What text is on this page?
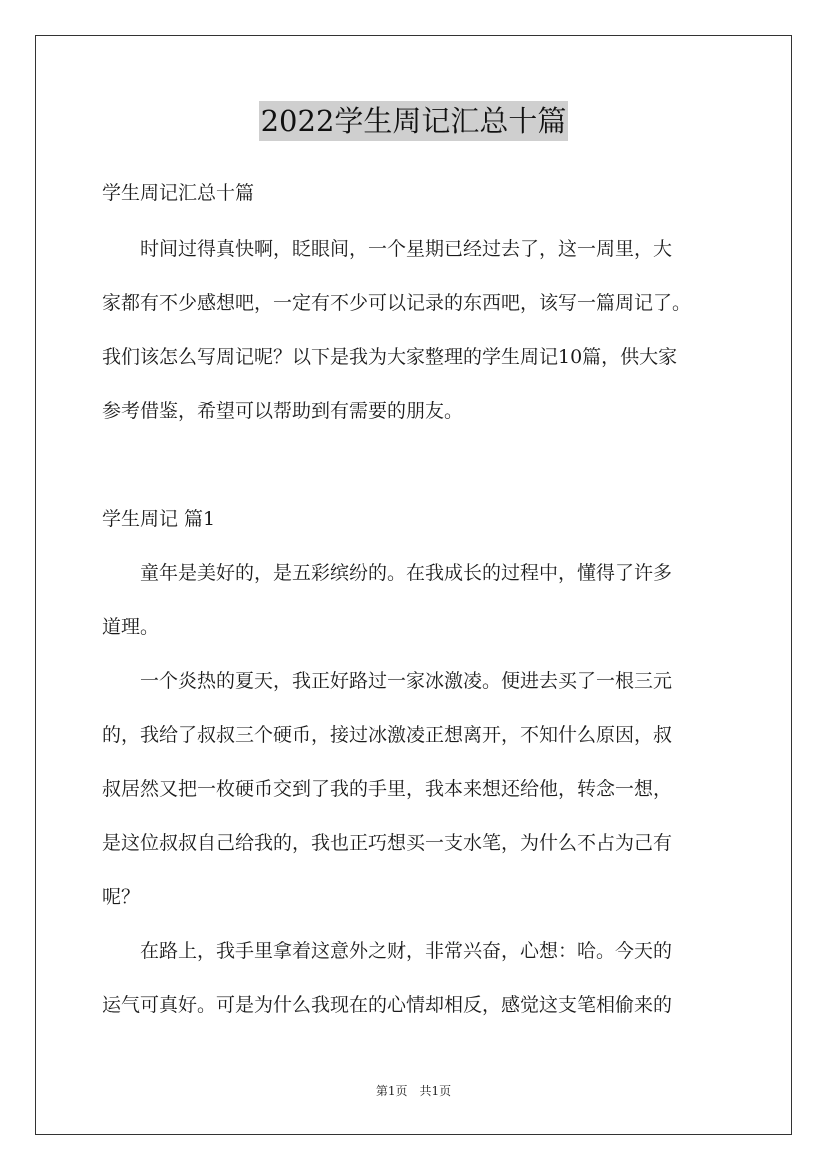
2022学生周记汇总十篇
学生周记汇总十篇
　　时间过得真快啊，眨眼间，一个星期已经过去了，这一周里，大
家都有不少感想吧，一定有不少可以记录的东西吧，该写一篇周记了。
我们该怎么写周记呢？以下是我为大家整理的学生周记10篇，供大家
参考借鉴，希望可以帮助到有需要的朋友。
学生周记 篇1
　　童年是美好的，是五彩缤纷的。在我成长的过程中，懂得了许多
道理。
　　一个炎热的夏天，我正好路过一家冰激凌。便进去买了一根三元
的，我给了叔叔三个硬币，接过冰激凌正想离开，不知什么原因，叔
叔居然又把一枚硬币交到了我的手里，我本来想还给他，转念一想，
是这位叔叔自己给我的，我也正巧想买一支水笔，为什么不占为己有
呢？
　　在路上，我手里拿着这意外之财，非常兴奋，心想：哈。今天的
运气可真好。可是为什么我现在的心情却相反，感觉这支笔相偷来的
第1页 共1页
